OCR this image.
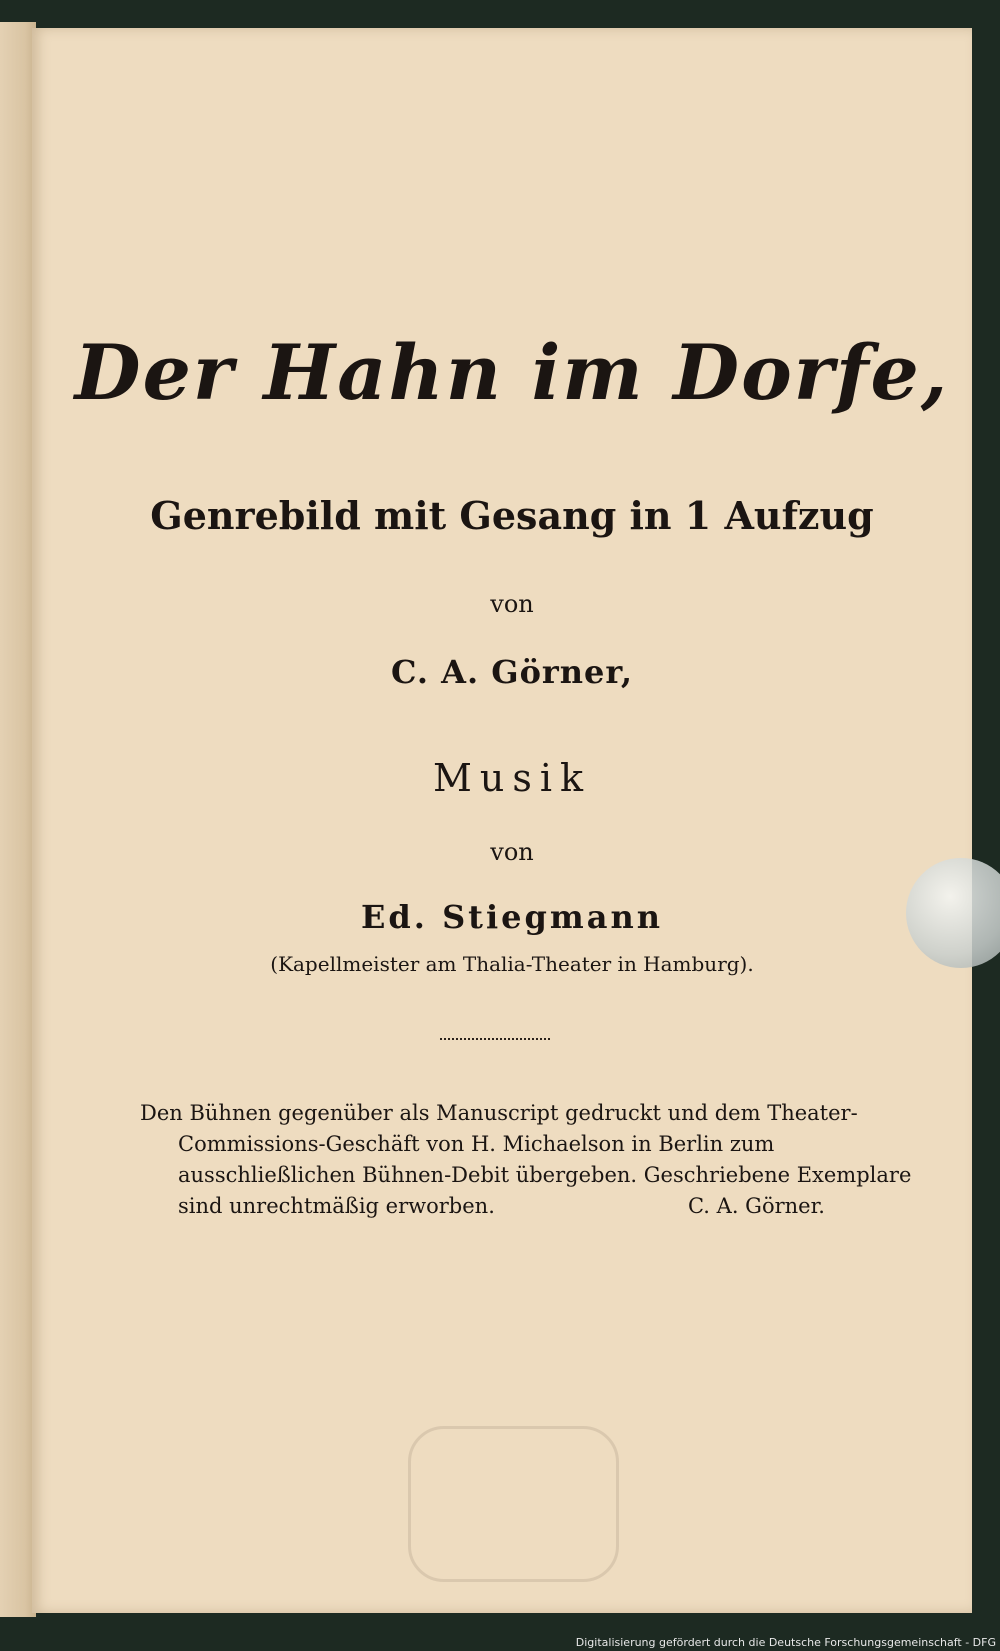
Der Hahn im Dorfe,
Genrebild mit Gesang in 1 Aufzug
von
C. A. Görner,
Musik
von
Ed. Stiegmann
(Kapellmeister am Thalia-Theater in Hamburg).
Den Bühnen gegenüber als Manuscript gedruckt und dem Theater-
Commissions-Geschäft von H. Michaelson in Berlin zum
ausschließlichen Bühnen-Debit übergeben. Geschriebene Exemplare
sind unrechtmäßig erworben.	C. A. Görner.
Digitalisierung gefördert durch die Deutsche Forschungsgemeinschaft - DFG
